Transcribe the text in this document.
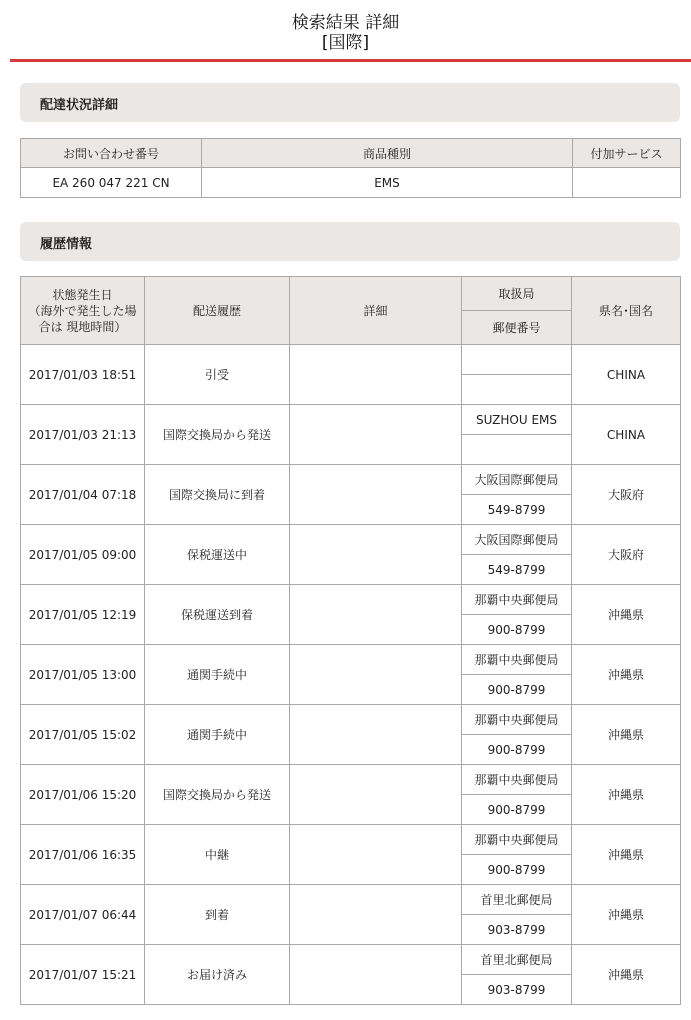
検索結果 詳細
[国際]
配達状況詳細
お問い合わせ番号	商品種別	付加サービス
EA 260 047 221 CN	EMS	
履歴情報
状態発生日
（海外で発生した場
合は 現地時間）	配送履歴	詳細	取扱局	県名･国名
			郵便番号	
2017/01/03 18:51	引受			CHINA

2017/01/03 21:13	国際交換局から発送		SUZHOU EMS	CHINA

2017/01/04 07:18	国際交換局に到着		大阪国際郵便局	大阪府
			549-8799	
2017/01/05 09:00	保税運送中		大阪国際郵便局	大阪府
			549-8799	
2017/01/05 12:19	保税運送到着		那覇中央郵便局	沖縄県
			900-8799	
2017/01/05 13:00	通関手続中		那覇中央郵便局	沖縄県
			900-8799	
2017/01/05 15:02	通関手続中		那覇中央郵便局	沖縄県
			900-8799	
2017/01/06 15:20	国際交換局から発送		那覇中央郵便局	沖縄県
			900-8799	
2017/01/06 16:35	中継		那覇中央郵便局	沖縄県
			900-8799	
2017/01/07 06:44	到着		首里北郵便局	沖縄県
			903-8799	
2017/01/07 15:21	お届け済み		首里北郵便局	沖縄県
			903-8799	
